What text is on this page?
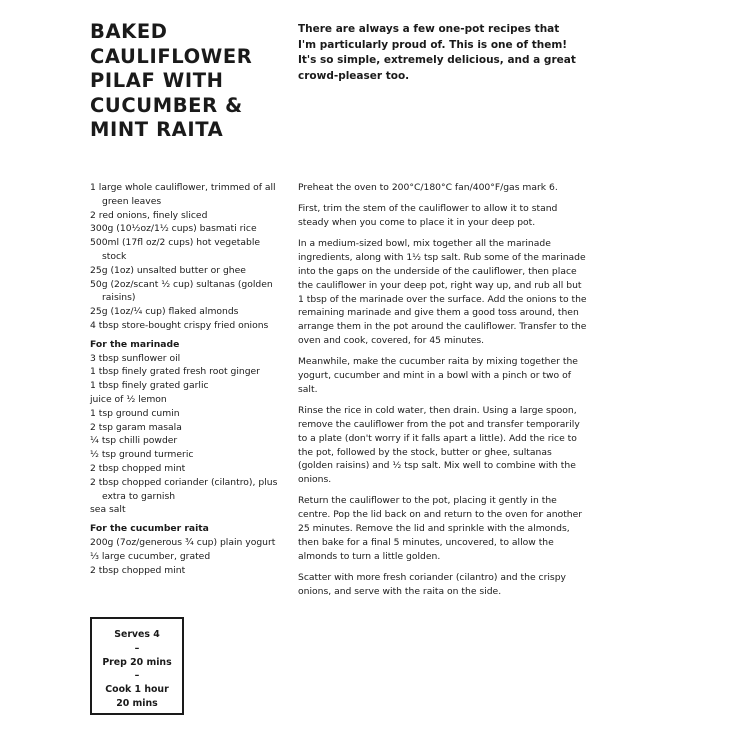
BAKED CAULIFLOWER PILAF WITH CUCUMBER & MINT RAITA

There are always a few one-pot recipes that I'm particularly proud of. This is one of them! It's so simple, extremely delicious, and a great crowd-pleaser too.

1 large whole cauliflower, trimmed of all green leaves

2 red onions, finely sliced

300g (10½oz/1½ cups) basmati rice

500ml (17fl oz/2 cups) hot vegetable stock

25g (1oz) unsalted butter or ghee

50g (2oz/scant ½ cup) sultanas (golden raisins)

25g (1oz/¼ cup) flaked almonds

4 tbsp store-bought crispy fried onions

For the marinade

3 tbsp sunflower oil

1 tbsp finely grated fresh root ginger

1 tbsp finely grated garlic

juice of ½ lemon

1 tsp ground cumin

2 tsp garam masala

¼ tsp chilli powder

½ tsp ground turmeric

2 tbsp chopped mint

2 tbsp chopped coriander (cilantro), plus extra to garnish

sea salt

For the cucumber raita

200g (7oz/generous ¾ cup) plain yogurt

⅓ large cucumber, grated

2 tbsp chopped mint

Preheat the oven to 200°C/180°C fan/400°F/gas mark 6.

First, trim the stem of the cauliflower to allow it to stand steady when you come to place it in your deep pot.

In a medium-sized bowl, mix together all the marinade ingredients, along with 1½ tsp salt. Rub some of the marinade into the gaps on the underside of the cauliflower, then place the cauliflower in your deep pot, right way up, and rub all but 1 tbsp of the marinade over the surface. Add the onions to the remaining marinade and give them a good toss around, then arrange them in the pot around the cauliflower. Transfer to the oven and cook, covered, for 45 minutes.

Meanwhile, make the cucumber raita by mixing together the yogurt, cucumber and mint in a bowl with a pinch or two of salt.

Rinse the rice in cold water, then drain. Using a large spoon, remove the cauliflower from the pot and transfer temporarily to a plate (don't worry if it falls apart a little). Add the rice to the pot, followed by the stock, butter or ghee, sultanas (golden raisins) and ½ tsp salt. Mix well to combine with the onions.

Return the cauliflower to the pot, placing it gently in the centre. Pop the lid back on and return to the oven for another 25 minutes. Remove the lid and sprinkle with the almonds, then bake for a final 5 minutes, uncovered, to allow the almonds to turn a little golden.

Scatter with more fresh coriander (cilantro) and the crispy onions, and serve with the raita on the side.

Serves 4
–
Prep 20 mins
–
Cook 1 hour
20 mins
